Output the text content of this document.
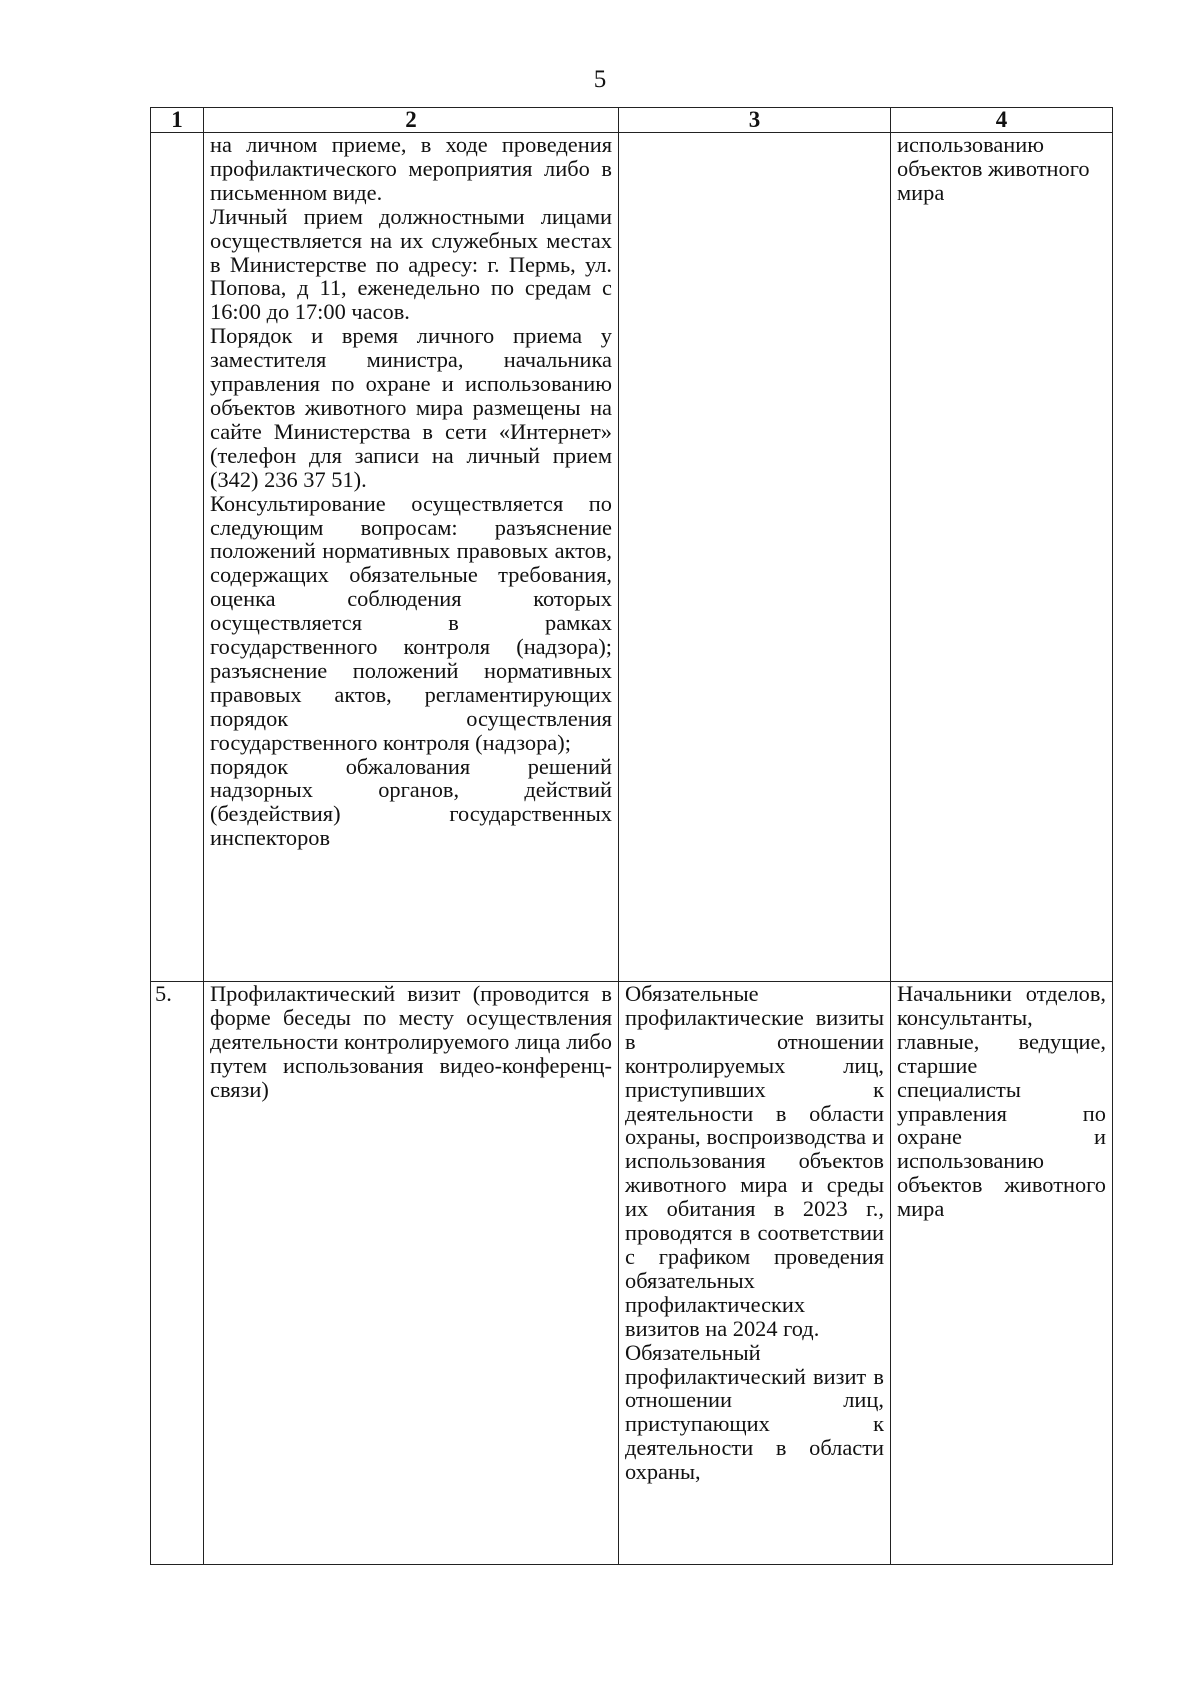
5
1	2	3	4

	на личном приеме, в ходе проведения профилактического мероприятия либо в письменном виде.

Личный прием должностными лицами осуществляется на их служебных местах в Министерстве по адресу: г. Пермь, ул. Попова, д 11, еженедельно по средам с 16:00 до 17:00 часов.

Порядок и время личного приема у заместителя министра, начальника управления по охране и использованию объектов животного мира размещены на сайте Министерства в сети «Интернет» (телефон для записи на личный прием (342) 236 37 51).

Консультирование осуществляется по следующим вопросам: разъяснение положений нормативных правовых актов, содержащих обязательные требования, оценка соблюдения которых осуществляется в рамках государственного контроля (надзора); разъяснение положений нормативных правовых актов, регламентирующих порядок осуществления государственного контроля (надзора);

порядок обжалования решений надзорных органов, действий (бездействия) государственных инспекторов		использованию объектов животного мира
5.	Профилактический визит (проводится в форме беседы по месту осуществления деятельности контролируемого лица либо путем использования видео-конференц-связи)	Обязательные профилактические визиты в отношении контролируемых лиц, приступивших к деятельности в области охраны, воспроизводства и использования объектов животного мира и среды их обитания в 2023 г., проводятся в соответствии с графиком проведения обязательных профилактических визитов на 2024 год.

Обязательный профилактический визит в отношении лиц, приступающих к деятельности в области охраны,	Начальники отделов, консультанты, главные, ведущие, старшие специалисты управления по охране и использованию объектов животного мира
